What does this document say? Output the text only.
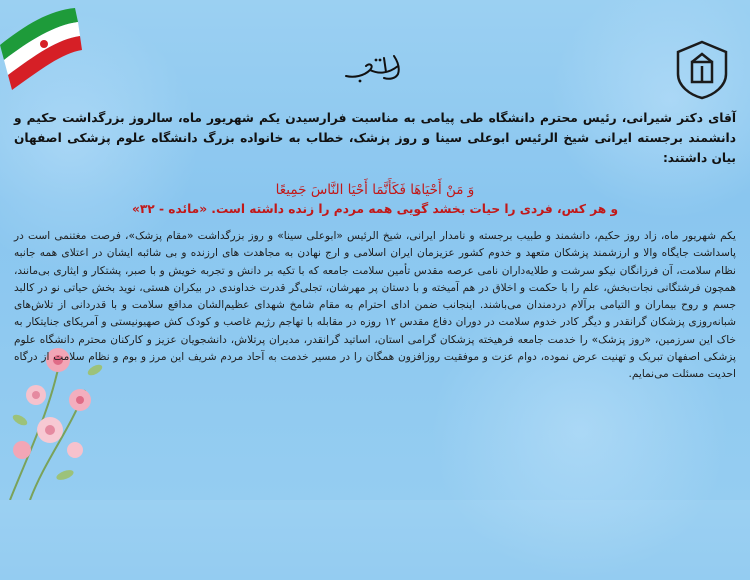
آقای دکتر شیرانی، رئیس محترم دانشگاه طی پیامی به مناسبت فرارسیدن یکم شهریور ماه، سالروز بزرگداشت حکیم و دانشمند برجسته ایرانی شیخ الرئیس ابوعلی سینا و روز پزشک، خطاب به خانواده بزرگ دانشگاه علوم پزشکی اصفهان بیان داشتند:

وَ مَنْ أَحْيَاهَا فَكَأَنَّمَا أَحْيَا النَّاسَ جَمِيعًا

و هر کس، فردی را حیات بخشد گویی همه مردم را زنده داشته است. «مائده - ۳۲»

یکم شهریور ماه، زاد روز حکیم، دانشمند و طبیب برجسته و نامدار ایرانی، شیخ الرئیس «ابوعلی سینا» و روز بزرگداشت «مقام پزشک»، فرصت مغتنمی است در پاسداشت جایگاه والا و ارزشمند پزشکان متعهد و خدوم کشور عزیزمان ایران اسلامی و ارج نهادن به مجاهدت های ارزنده و بی شائبه ایشان در اعتلای همه جانبه نظام سلامت، آن فرزانگان نیکو سرشت و طلایه‌داران نامی عرصه مقدس تأمین سلامت جامعه که با تکیه بر دانش و تجربه خویش و با صبر، پشتکار و ایثاری بی‌مانند، همچون فرشتگانی نجات‌بخش، علم را با حکمت و اخلاق در هم آمیخته و با دستان پر مهرشان، تجلی‌گر قدرت خداوندی در بیکران هستی، نوید بخش حیاتی نو در کالبد جسم و روح بیماران و التیامی برآلام دردمندان می‌باشند. اینجانب ضمن ادای احترام به مقام شامخ شهدای عظیم‌الشان مدافع سلامت و با قدردانی از تلاش‌های شبانه‌روزی پزشکان گرانقدر و دیگر کادر خدوم سلامت در دوران دفاع مقدس ۱۲ روزه در مقابله با تهاجم رژیم غاصب و کودک کش صهیونیستی و آمریکای جنایتکار به خاک این سرزمین، «روز پزشک» را خدمت جامعه فرهیخته پزشکان گرامی استان، اساتید گرانقدر، مدیران پرتلاش، دانشجویان عزیز و کارکنان محترم دانشگاه علوم پزشکی اصفهان تبریک و تهنیت عرض نموده، دوام عزت و موفقیت روزافزون همگان را در مسیر خدمت به آحاد مردم شریف این مرز و بوم و نظام سلامت از درگاه احدیت مسئلت می‌نمایم.
